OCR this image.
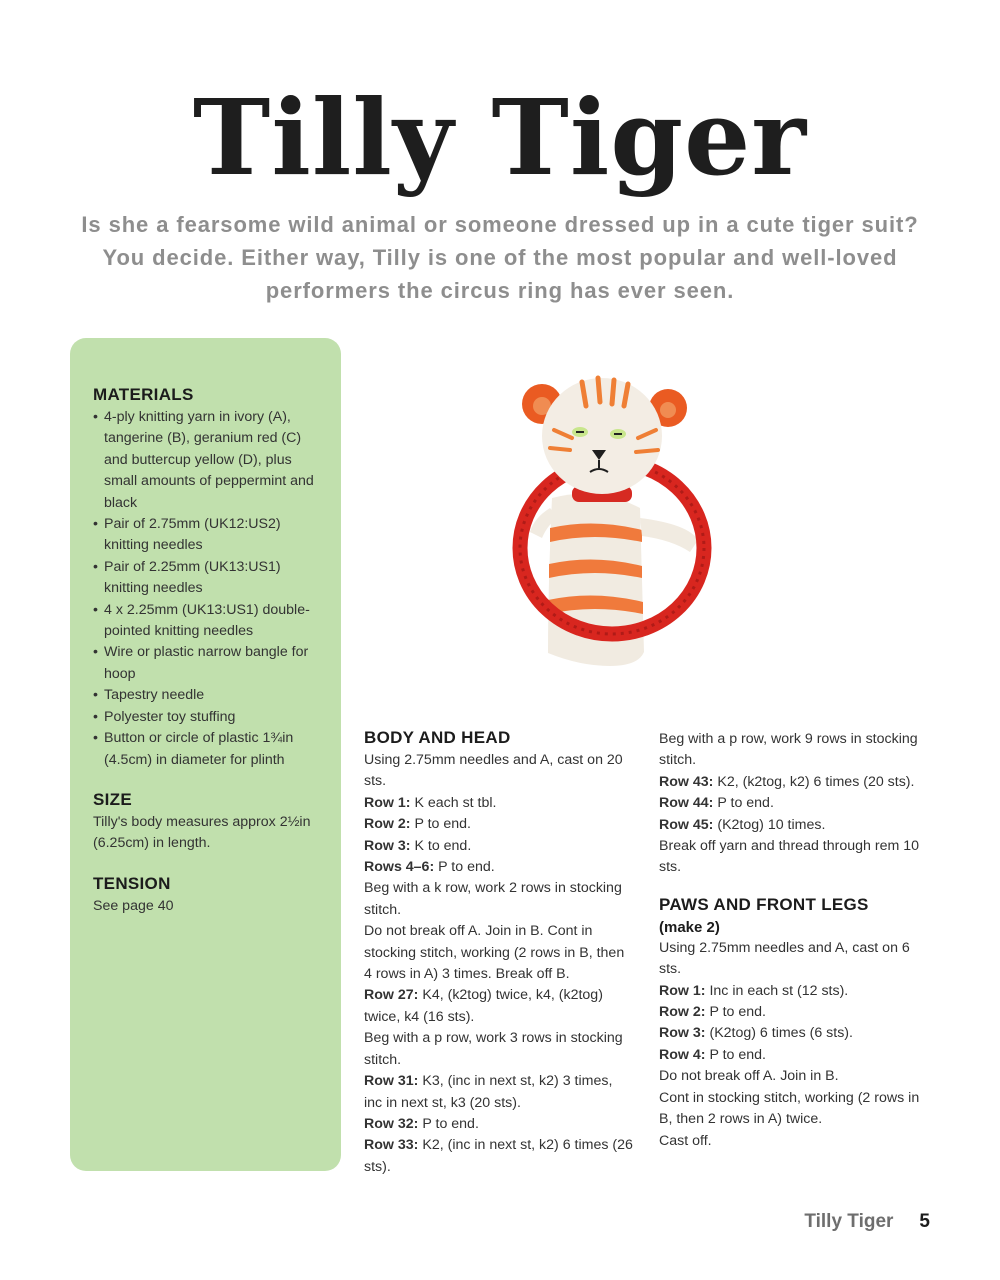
Tilly Tiger

Is she a fearsome wild animal or someone dressed up in a cute tiger suit? You decide. Either way, Tilly is one of the most popular and well-loved performers the circus ring has ever seen.

MATERIALS
• 4-ply knitting yarn in ivory (A), tangerine (B), geranium red (C) and buttercup yellow (D), plus small amounts of peppermint and black
• Pair of 2.75mm (UK12:US2) knitting needles
• Pair of 2.25mm (UK13:US1) knitting needles
• 4 x 2.25mm (UK13:US1) double-pointed knitting needles
• Wire or plastic narrow bangle for hoop
• Tapestry needle
• Polyester toy stuffing
• Button or circle of plastic 1¾in (4.5cm) in diameter for plinth
SIZE

Tilly's body measures approx 2½in (6.25cm) in length.

TENSION

See page 40

BODY AND HEAD

Using 2.75mm needles and A, cast on 20 sts.

Row 1: K each st tbl.

Row 2: P to end.

Row 3: K to end.

Rows 4–6: P to end.

Beg with a k row, work 2 rows in stocking stitch.

Do not break off A. Join in B. Cont in stocking stitch, working (2 rows in B, then 4 rows in A) 3 times. Break off B.

Row 27: K4, (k2tog) twice, k4, (k2tog) twice, k4 (16 sts).

Beg with a p row, work 3 rows in stocking stitch.

Row 31: K3, (inc in next st, k2) 3 times, inc in next st, k3 (20 sts).

Row 32: P to end.

Row 33: K2, (inc in next st, k2) 6 times (26 sts).

Beg with a p row, work 9 rows in stocking stitch.

Row 43: K2, (k2tog, k2) 6 times (20 sts).

Row 44: P to end.

Row 45: (K2tog) 10 times.

Break off yarn and thread through rem 10 sts.

PAWS AND FRONT LEGS
(make 2)

Using 2.75mm needles and A, cast on 6 sts.

Row 1: Inc in each st (12 sts).

Row 2: P to end.

Row 3: (K2tog) 6 times (6 sts).

Row 4: P to end.

Do not break off A. Join in B.

Cont in stocking stitch, working (2 rows in B, then 2 rows in A) twice.

Cast off.

Tilly Tiger 5
